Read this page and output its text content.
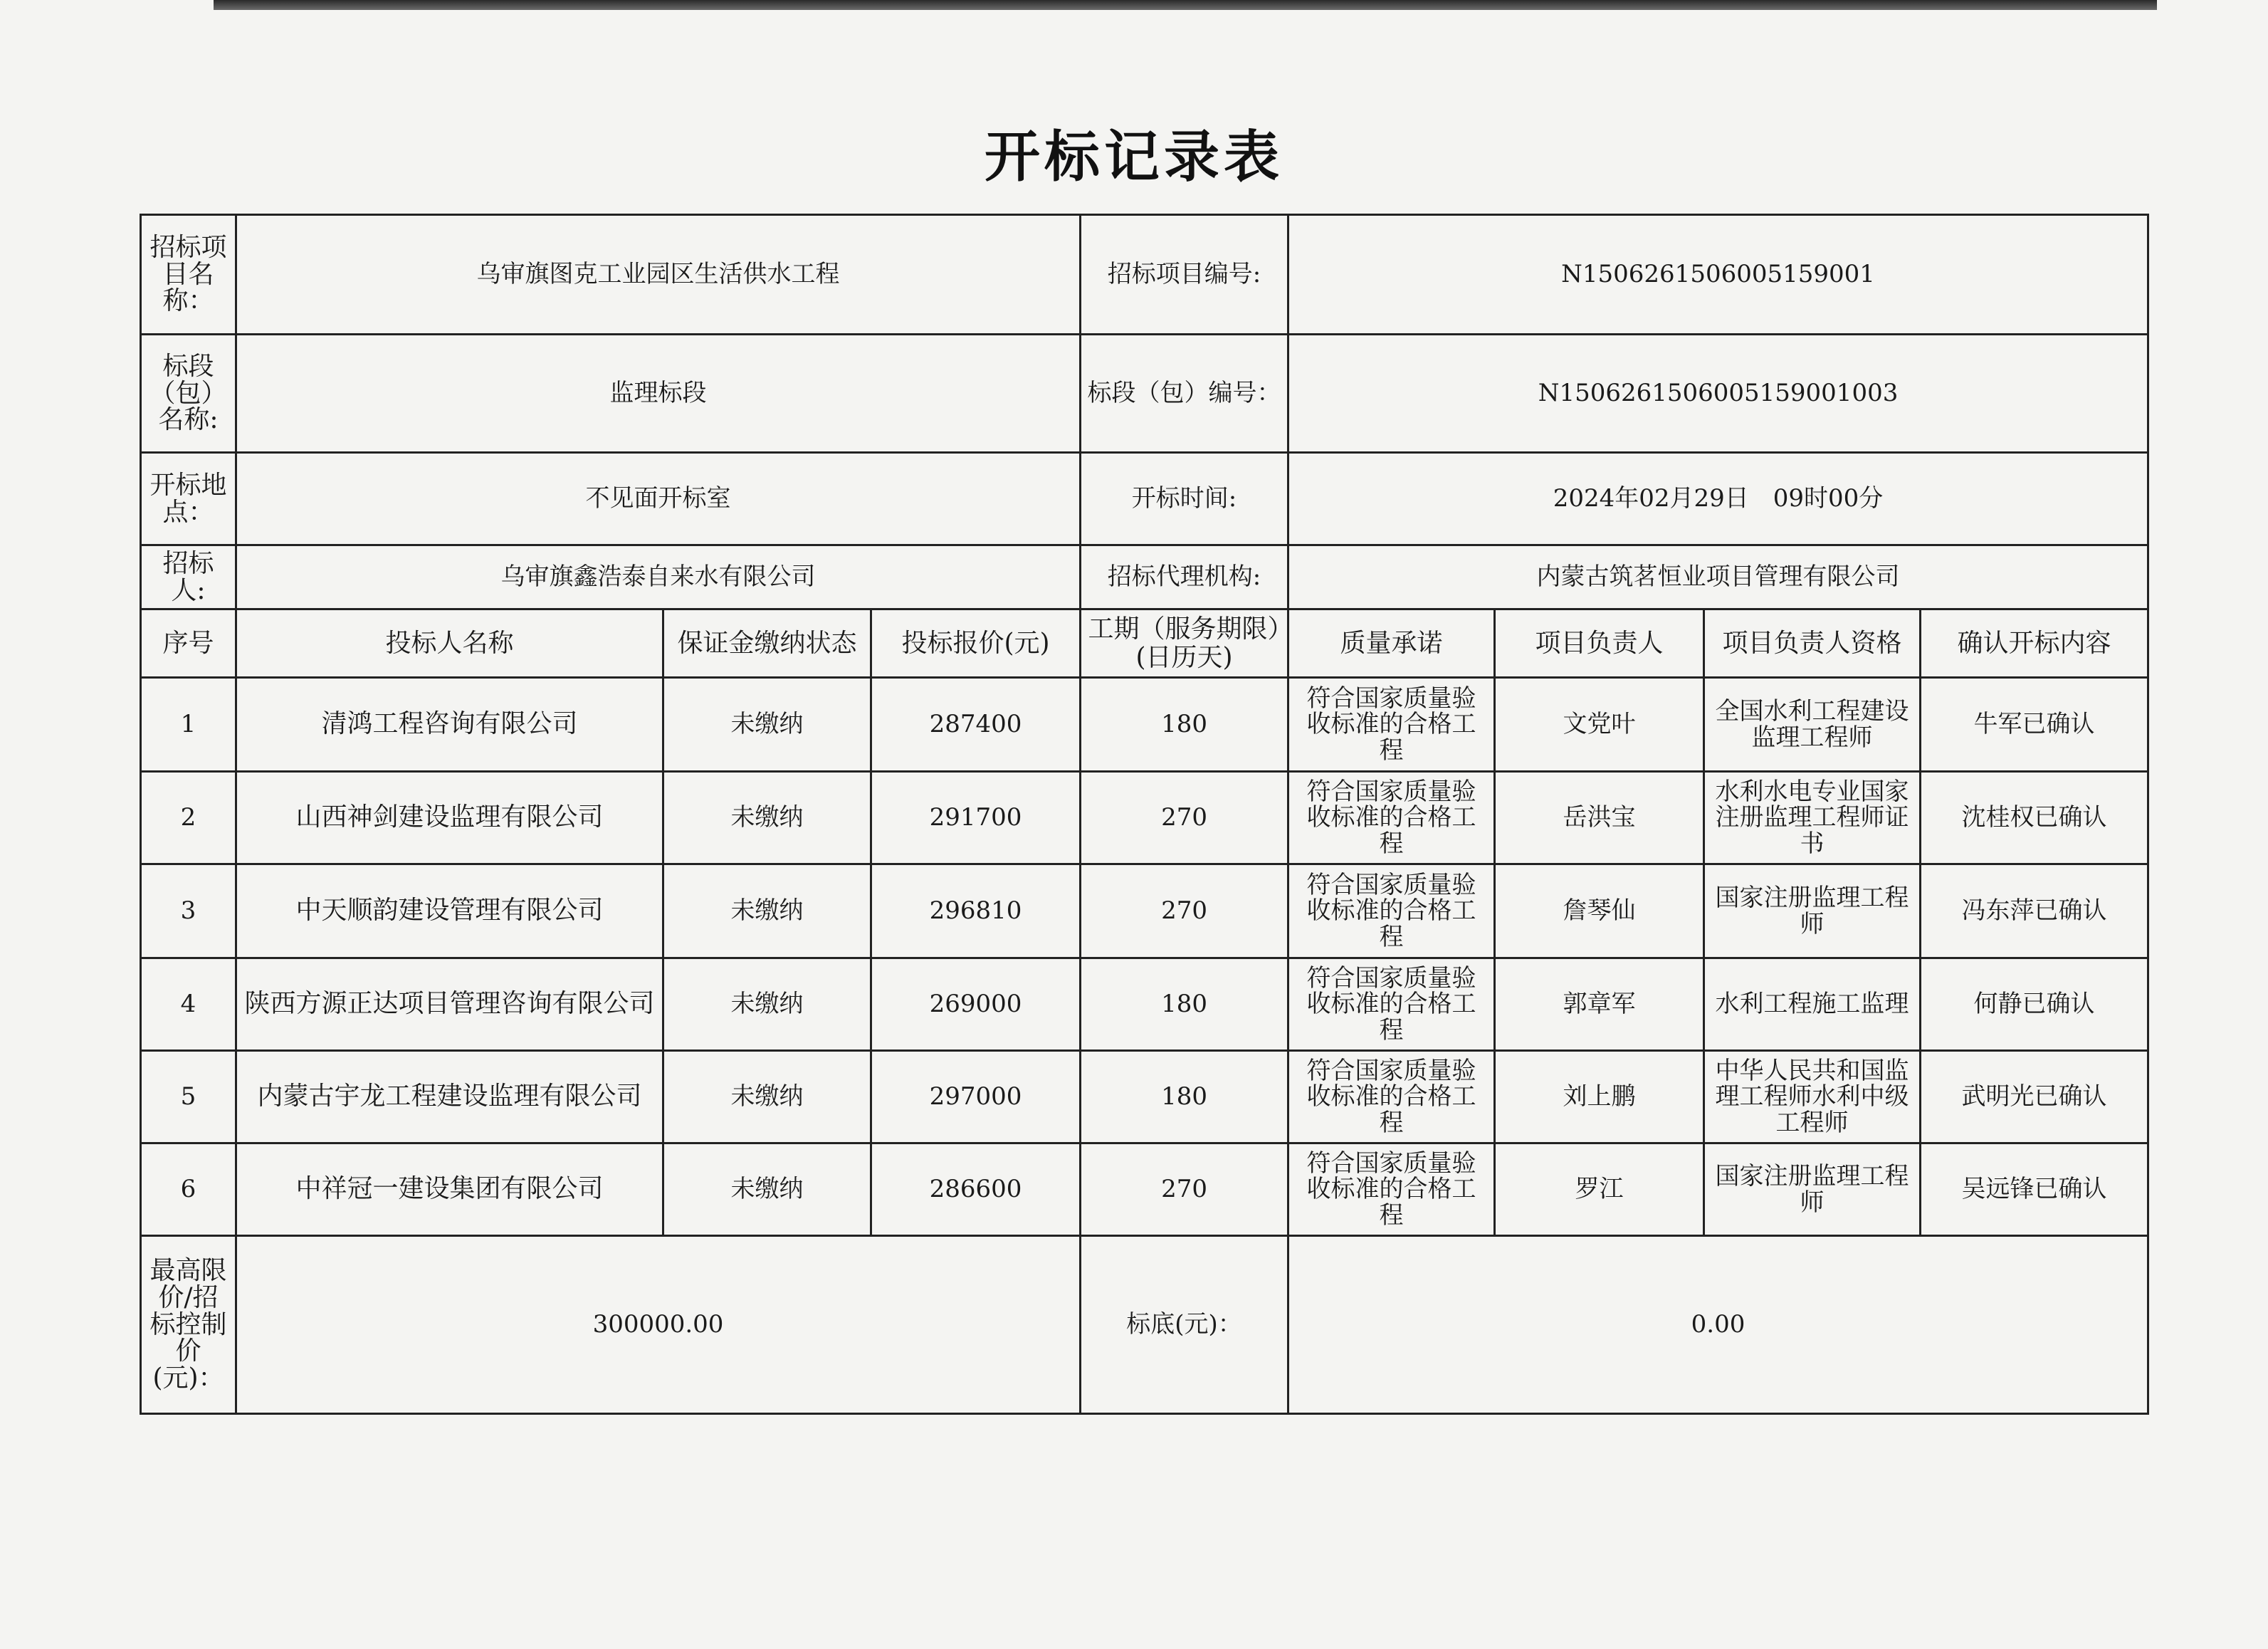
开标记录表
招标项目名称：	乌审旗图克工业园区生活供水工程			招标项目编号:	N1506261506005159001			
标段（包）名称:	监理标段			标段（包）编号：	N1506261506005159001003			
开标地点：	不见面开标室			开标时间:	2024年02月29日　09时00分			
招标人:	乌审旗鑫浩泰自来水有限公司			招标代理机构:	内蒙古筑茗恒业项目管理有限公司			
序号	投标人名称	保证金缴纳状态	投标报价(元)	工期（服务期限）(日历天)	质量承诺	项目负责人	项目负责人资格	确认开标内容
1	清鸿工程咨询有限公司	未缴纳	287400	180	符合国家质量验收标准的合格工程	文党叶	全国水利工程建设监理工程师	牛军已确认
2	山西神剑建设监理有限公司	未缴纳	291700	270	符合国家质量验收标准的合格工程	岳洪宝	水利水电专业国家注册监理工程师证书	沈桂权已确认
3	中天顺韵建设管理有限公司	未缴纳	296810	270	符合国家质量验收标准的合格工程	詹琴仙	国家注册监理工程师	冯东萍已确认
4	陕西方源正达项目管理咨询有限公司	未缴纳	269000	180	符合国家质量验收标准的合格工程	郭章军	水利工程施工监理	何静已确认
5	内蒙古宇龙工程建设监理有限公司	未缴纳	297000	180	符合国家质量验收标准的合格工程	刘上鹏	中华人民共和国监理工程师水利中级工程师	武明光已确认
6	中祥冠一建设集团有限公司	未缴纳	286600	270	符合国家质量验收标准的合格工程	罗江	国家注册监理工程师	吴远锋已确认
最高限价/招标控制价(元)：	300000.00			标底(元)：	0.00			
